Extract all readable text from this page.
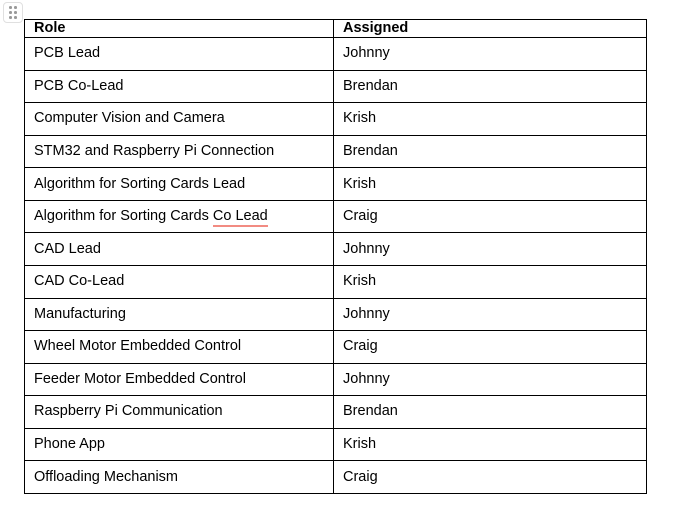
Role	Assigned
PCB Lead	Johnny
PCB Co-Lead	Brendan
Computer Vision and Camera	Krish
STM32 and Raspberry Pi Connection	Brendan
Algorithm for Sorting Cards Lead	Krish
Algorithm for Sorting Cards Co Lead	Craig
CAD Lead	Johnny
CAD Co-Lead	Krish
Manufacturing	Johnny
Wheel Motor Embedded Control	Craig
Feeder Motor Embedded Control	Johnny
Raspberry Pi Communication	Brendan
Phone App	Krish
Offloading Mechanism	Craig
